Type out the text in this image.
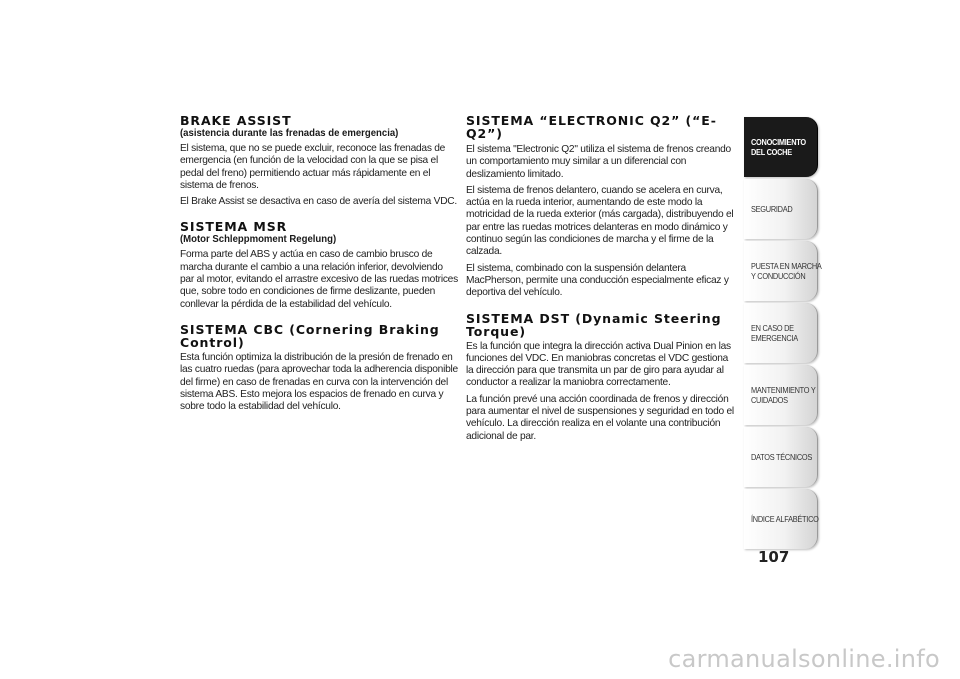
BRAKE ASSIST
(asistencia durante las frenadas de emergencia)

El sistema, que no se puede excluir, reconoce las frenadas de emergencia (en función de la velocidad con la que se pisa el pedal del freno) permitiendo actuar más rápidamente en el sistema de frenos.

El Brake Assist se desactiva en caso de avería del sistema VDC.

SISTEMA MSR
(Motor Schleppmoment Regelung)

Forma parte del ABS y actúa en caso de cambio brusco de marcha durante el cambio a una relación inferior, devolviendo par al motor, evitando el arrastre excesivo de las ruedas motrices que, sobre todo en condiciones de firme deslizante, pueden conllevar la pérdida de la estabilidad del vehículo.

SISTEMA CBC (Cornering Braking Control)

Esta función optimiza la distribución de la presión de frenado en las cuatro ruedas (para aprovechar toda la adherencia disponible del firme) en caso de frenadas en curva con la intervención del sistema ABS. Esto mejora los espacios de frenado en curva y sobre todo la estabilidad del vehículo.

SISTEMA “ELECTRONIC Q2” (“E-Q2”)

El sistema "Electronic Q2" utiliza el sistema de frenos creando un comportamiento muy similar a un diferencial con deslizamiento limitado.

El sistema de frenos delantero, cuando se acelera en curva, actúa en la rueda interior, aumentando de este modo la motricidad de la rueda exterior (más cargada), distribuyendo el par entre las ruedas motrices delanteras en modo dinámico y continuo según las condiciones de marcha y el firme de la calzada.

El sistema, combinado con la suspensión delantera MacPherson, permite una conducción especialmente eficaz y deportiva del vehículo.

SISTEMA DST (Dynamic Steering Torque)

Es la función que integra la dirección activa Dual Pinion en las funciones del VDC. En maniobras concretas el VDC gestiona la dirección para que transmita un par de giro para ayudar al conductor a realizar la maniobra correctamente.

La función prevé una acción coordinada de frenos y dirección para aumentar el nivel de suspensiones y seguridad en todo el vehículo. La dirección realiza en el volante una contribución adicional de par.

CONOCIMIENTO
DEL COCHE
SEGURIDAD
PUESTA EN MARCHA
Y CONDUCCIÓN
EN CASO DE
EMERGENCIA
MANTENIMIENTO Y
CUIDADOS
DATOS TÉCNICOS
ÍNDICE ALFABÉTICO
107
carmanualsonline.info
